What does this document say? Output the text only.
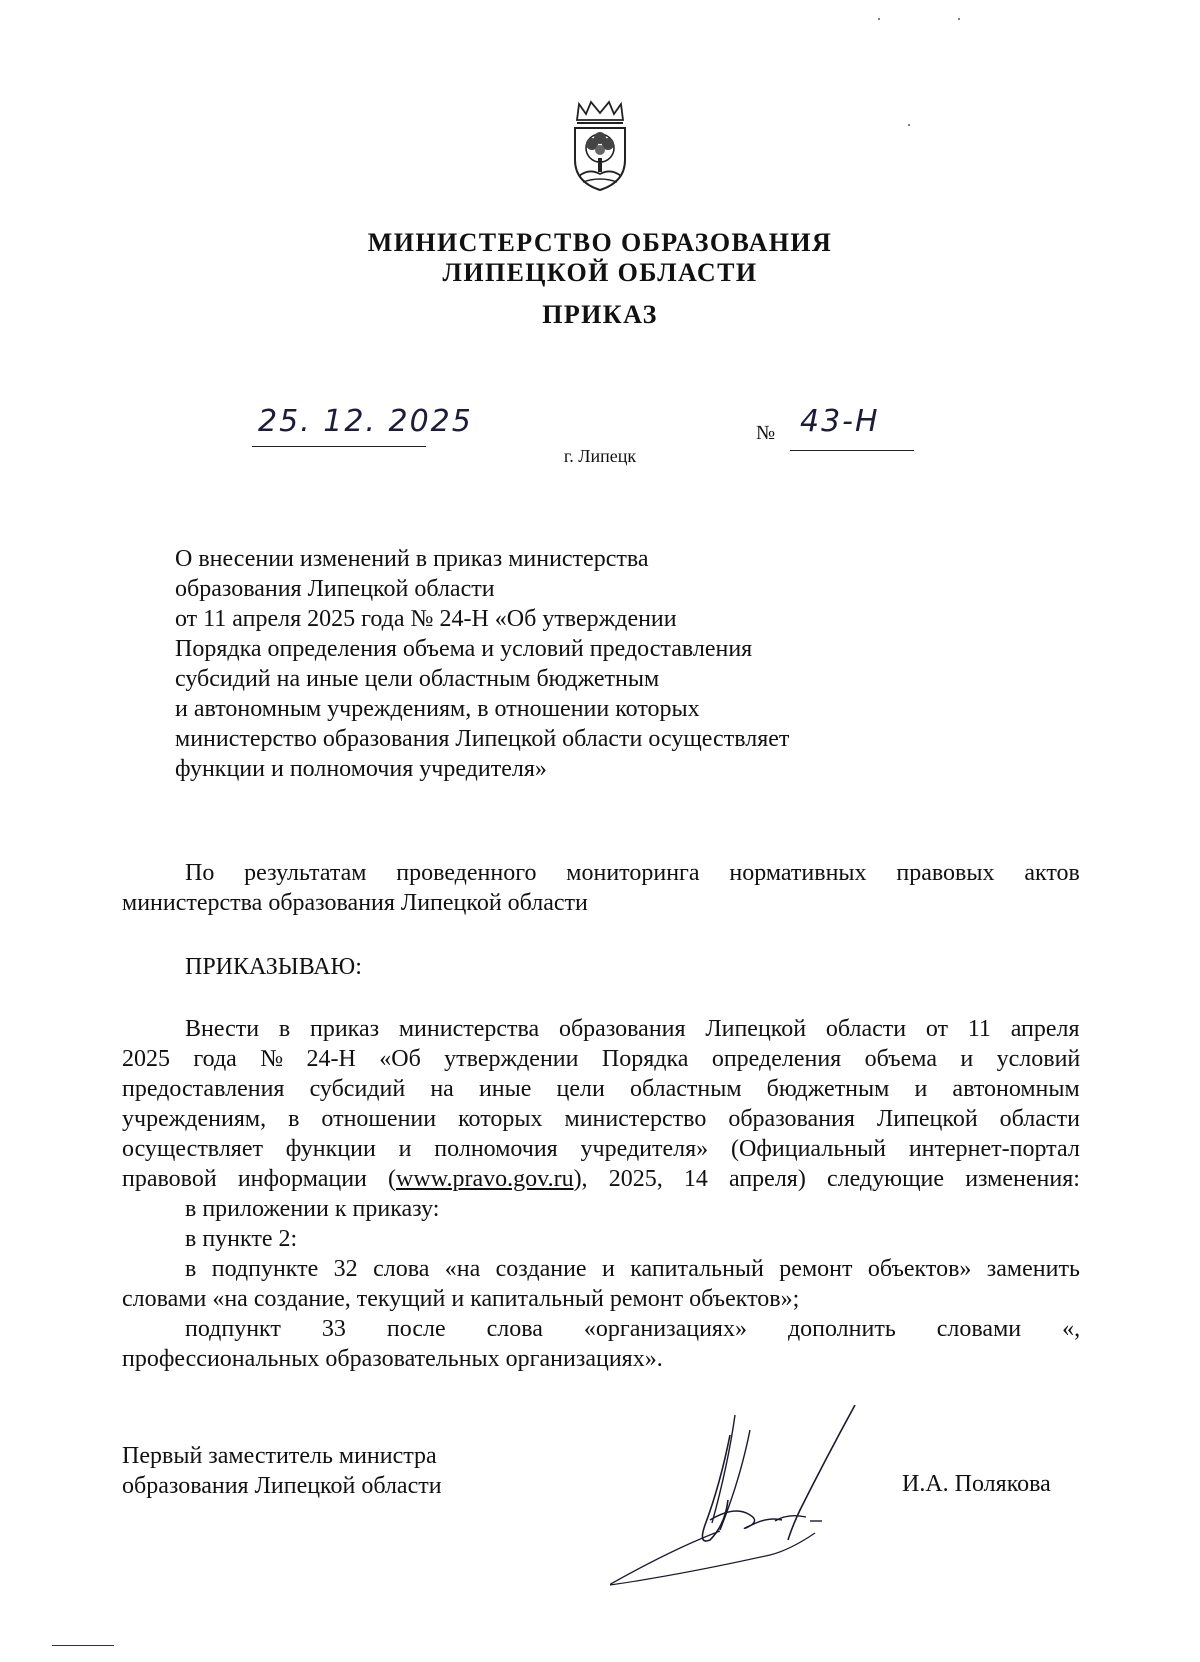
МИНИСТЕРСТВО ОБРАЗОВАНИЯ
ЛИПЕЦКОЙ ОБЛАСТИ
ПРИКАЗ
25. 12. 2025
г. Липецк
№ 43-Н
О внесении изменений в приказ министерства
образования Липецкой области
от 11 апреля 2025 года № 24-Н «Об утверждении
Порядка определения объема и условий предоставления
субсидий на иные цели областным бюджетным
и автономным учреждениям, в отношении которых
министерство образования Липецкой области осуществляет
функции и полномочия учредителя»
По результатам проведенного мониторинга нормативных правовых актов
министерства образования Липецкой области
ПРИКАЗЫВАЮ:
Внести в приказ министерства образования Липецкой области от 11 апреля
2025 года № 24-Н «Об утверждении Порядка определения объема и условий
предоставления субсидий на иные цели областным бюджетным и автономным
учреждениям, в отношении которых министерство образования Липецкой области
осуществляет функции и полномочия учредителя» (Официальный интернет-портал
правовой информации (www.pravo.gov.ru), 2025, 14 апреля) следующие изменения:
в приложении к приказу:
в пункте 2:
в подпункте 32 слова «на создание и капитальный ремонт объектов» заменить
словами «на создание, текущий и капитальный ремонт объектов»;
подпункт 33 после слова «организациях» дополнить словами «,
профессиональных образовательных организациях».
Первый заместитель министра
образования Липецкой области	И.А. Полякова
